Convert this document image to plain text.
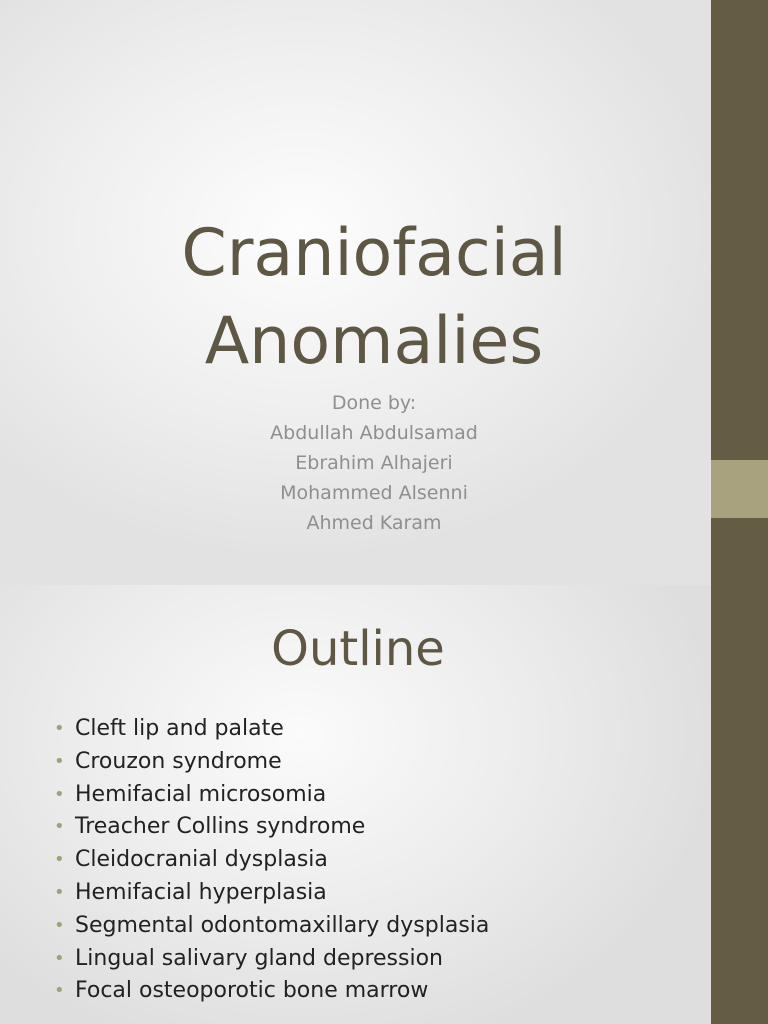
Craniofacial
Anomalies
Done by:
Abdullah Abdulsamad
Ebrahim Alhajeri
Mohammed Alsenni
Ahmed Karam
Outline
• Cleft lip and palate
• Crouzon syndrome
• Hemifacial microsomia
• Treacher Collins syndrome
• Cleidocranial dysplasia
• Hemifacial hyperplasia
• Segmental odontomaxillary dysplasia
• Lingual salivary gland depression
• Focal osteoporotic bone marrow
